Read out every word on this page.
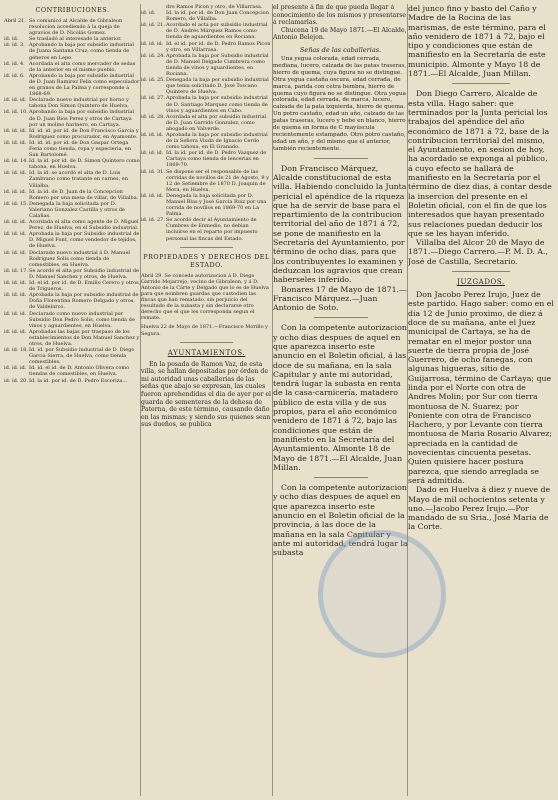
CONTRIBUCIONES.
Abril 21. Se comunicó al Alcalde de Gibraleon resolucion accediendo á la queja de agravios de D. Nicolás Gomez.
id. id.	Se trasladó al interesado la anterior.
id. id. 3. Aprobando la baja por subsidio industrial de Juana Santana Cruz, como tienda de géneros en Lepe.
id. id. 4. Acordada el alta como mercader de sedas de la anterior en el mismo pueblo.
id. id. 6. Aprobando la baja por subsidio industrial de D. Juan Ramirez Felix como especulador en granos de La Palma y corresponde á 1868-69.
id. id. id. Declarado nuevo industrial por horno y tahona Don Simon Quintero de Huelva.
id. id. 10. Aprobando la baja por subsidio industrial de D. Juan Rios Perez y otros de Cartaya por un molino harinero, en Cartaya.
id. id. id. Id. id. id. por id. de Don Francisco Garcia y Rodriguez como procurador, en Ayamonte.
id. id. id. Id. id. id. por id. de Don Gaspar Ortega Feria como tienda, ropa y especieria, en San Bartolomé.
id. id. 14. Id. la id. por id. de D. Simon Quintero como tahona, en Huelva.
id. id. id. Id. la id. se acordó el alta de D. Luis Zambrano como tratante en carnes, en Villalba.
id. id. id. Id. la id. de D. Juan de la Concepcion Romero por una mesa de villar, de Villalba.
id. id. 15. Denegada la baja solicitada por D. Valeriano Gonzalez Castilla y otros de Calañas.
id. id. id. Acordada el alta como agente de D. Miguel Perez, de Huelva, en el Subsidio industrial.
id. id. id. Aprobada la baja por Subsidio industrial de D. Miguel Font, como vendedor de tejidos, de Huelva.
id. id. id. Declarado nuevo industrial á D. Manuel Rodriguez Solis como tienda de comestibles, en Huelva.
id. id. 17. Se acordó el alta por Subsidio industrial de D. Manuel Sanchez y otros, de Huelva.
id. id. id. Id. el id. por id. de D. Emilio Cerero y otros, de Trigueros.
id. id. id. Aprobada la baja por subsidio industrial de Doña Florentina Romero Delgado y otros, de Valdelarco.
id. id. id. Declarado como nuevo industrial por Subsidio Don Pedro Solís, como tienda de vinos y aguardientes, en Huelva.
id. id. id. Aprobadas las bajas por traspaso de los establecimientos de Don Manuel Sanchez y otros, de Huelva.
id. id. 18. Id. id. por Subsidio industrial de D. Diego Garcia Sierra, de Huelva, como tienda comestibles.
id. id. id. Id. id. el id. de D. Antonio Olivera como tiendas de comestibles, en Huelva.
id. id. 20. Id. la id. por id. de D. Pedro Escoriza...
dro Ramos Picon y otro, de Villarrasa.
id. id.	Id. la id. por id. de Don Juan Concepcion Romero, de Villalba.
id. id. 21. Acordado el acta por subsidio industrial de D. Andrés Márquez Ramos como tienda de aguardientes en Rociana.
id. id. id. Id. el id. por id. de D. Pedro Ramos Picon y otro, en Villarrasa.
id. id. 24. Aprobada la baja por Subsidio industrial de D. Manuel Delgado Cumbrera como tienda de vinos y aguardientes, en Rociana.
id. id. 25. Denegada la baja por subsidio industrial que tenia solicitado D. José Toscano Quintero de Huelva.
id. id. 27. Aprobada la baja por subsidio industrial de D. Santiago Marquez como tienda de vinos y aguardientes en Cabo.
id. id. 28. Acordada el alta por subsidio industrial de D. Juan Garrido Gonzalez, como abogado en Valverde.
id. id. id. Aprobada la baja por subsidio industrial de la Señora Viuda de Ignacio Cerdo como tahona, en El Granado.
id. id. id. Id. la id. por id. de D. Pedro Vazquez de Cartaya como tienda de lencerias en 1869-70.
id. id. 31. Se dispone ser el responsable de las corridas de novillos de 21 de Agosto, 9 y 12 de Setiembre de 1870 D. Joaquin de Mora, en Huelva.
id. id. id. Denegada la baja solicitada por D. Manuel Blas y José Garcia Ruiz por una corrida de novillos en 1869-70 en La Palma.
id. id. 27. Se acordó decir al Ayuntamiento de Cumbres de Enmedio, no debian incluirse en el reparto por impuesto personal las fincas del Estado.
PROPIEDADES Y DERECHOS DEL ESTADO.

Abril 29. Se concede autorizacion á D. Diego Garrido Mojarrejo, vecino de Gibraleon, y á D. Antonio de la Cárte y Delgado que lo es de Huelva para que nombren guardas que custodien las fincas que han rematado, sin perjuicio del resultado de la subasta y sin declararse otro derecho que el que les corresponda segun el remate.

Huelva 22 de Mayo de 1871.—Francisco Morillo y Segura.

AYUNTAMIENTOS.

En la posada de Ramon Vaz, de esta villa, se hallan depositadas por órden de mi autoridad unas caballerias de las señas que abajo se expresan, las cuales fueron aprehendidas el dia de ayer por el guarda de sementeras de la dehesa de Paterna, de este término, causando daño en las mismas; y siendo sus quienes sean sus dueños, se publica

el presente á fin de que pueda llegar á conocimiento de los mismos y presentarse á reclamarlas.

Chucena 19 de Mayo 1871.—El Alcalde, Antonio Belejon.

Señas de las caballerias.

Una yegua colorada, edad cerrada, mediana, lucero, calzada de las patas traseras, hierro de quema, cuya figura no se distingue. Otra yegua castaña oscura, edad cerrada, de marca, parida con cetra hembra, hierro de quema cuyo figura no se distingue. Otra yegua colorada, edad cerrada, de marca, lucero, calzada de la pata izquierda, hierro de quema. Un potro castaño, edad un año, calzado de las patas traseras, lucero y bebe en blanco, hierro de quema en forma de C mayúscula recientemente estampado. Otro potro castaño, edad un año, y del mismo que el anterior, también recientemente.

Don Francisco Márquez, Alcalde constitucional de esta villa. Habiendo concluido la Junta pericial el apéndice de la riqueza que ha de servir de base para el repartimiento de la contribucion territorial del año de 1871 á 72, se pone de manifiesto en la Secretaría del Ayuntamiento, por término de ocho dias, para que los contribuyentes lo examinen y deduzcan los agravios que crean haberseles inferido.

Bonares 17 de Mayo de 1871.—Francisco Márquez.—Juan Antonio de Soto.

Con la competente autorizacion y ocho dias despues de aquel en que aparezca inserto este anuncio en el Boletin oficial, á las doce de su mañana, en la sala Capitular y ante mi autoridad, tendrá lugar la subasta en renta de la casa-carnicería, matadero público de esta villa y de sus propios, para el año económico venidero de 1871 á 72, bajo las condiciones que están de manifiesto en la Secretaría del Ayuntamiento. Almonte 18 de Mayo de 1871.—El Alcalde, Juan Millan.

Con la competente autorizacion y ocho dias despues de aquel en que aparezca inserto este anuncio en el Boletin oficial de la provincia, á las doce de la mañana en la sala Capitular y ante mi autoridad, tendrá lugar la subasta

del junco fino y basto del Caño y Madre de la Rocina de las marismas, de este término, para el año venidero de 1871 á 72, bajo el tipo y condiciones que están de manifiesto en la Secretaría de este municipio. Almonte y Mayo 18 de 1871.—El Alcalde, Juan Millan.

Don Diego Carrero, Alcalde de esta villa. Hago saber: que terminados por la Junta pericial los trabajos del apéndice del año económico de 1871 á 72, base de la contribucion territorial del mismo, el Ayuntamiento, en sesion de hoy, ha acordado se exponga al público, á cuyo efecto se hallará de manifiesto en la Secretaría por el término de diez dias, á contar desde la insercion del presente en el Boletin oficial, con el fin de que los interesados que hayan presentado sus relaciones puedan deducir los que se les hayan inferido.

Villalba del Alcor 20 de Mayo de 1871.—Diego Carrero.—P. M. D. A., José de Castilla, Secretario.

JUZGADOS.

Don Jacobo Perez Irujo, Juez de este partido. Hago saber: como en el dia 12 de Junio proximo, de diez á doce de su mañana, ante el Juez municipal de Cartaya, se ha de rematar en el mejor postor una suerte de tierra propia de José Guerrero, de ocho fanegas, con algunas higueras, sitio de Guijarrosa, término de Cartaya; que linda por el Norte con otra de Andres Molin; por Sur con tierra montuosa de N. Suarez; por Poniente con otra de Francisco Hachero, y por Levante con tierra montuosa de Maria Rosario Alvarez; apreciada en la cantidad de novecientas cincuenta pesetas. Quien quisiere hacer postura parezca, que siendo arreglada se será admitida.

Dado en Huelva á diez y nueve de Mayo de mil ochocientos setenta y uno.—Jacobo Perez Irujo.—Por mandado de su Sria., José Maria de la Corte.
